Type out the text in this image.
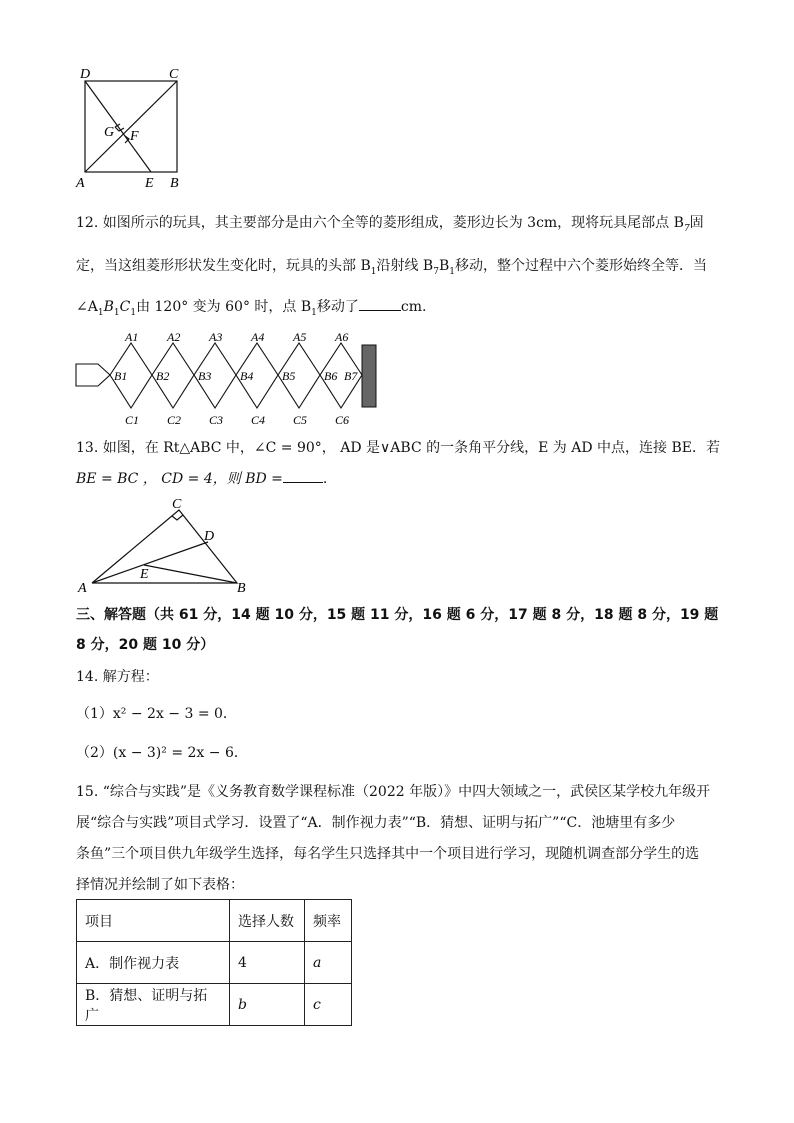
D	C
A	E B
G F
12. 如图所示的玩具，其主要部分是由六个全等的菱形组成，菱形边长为 3cm，现将玩具尾部点 $B_7$固
定，当这组菱形形状发生变化时，玩具的头部 $B_1$沿射线 $B_7B_1$移动，整个过程中六个菱形始终全等．当
$\angle A_1B_1C_1$由 120° 变为 60° 时，点 $B_1$移动了	cm.
A1 A2 A3 A4 A5 A6
C1 C2 C3 C4 C5 C6
B1 B2 B3 B4 B5 B6 B7
13. 如图，在 Rt△ABC 中，∠C = 90°， AD 是∨ABC 的一条角平分线，E 为 AD 中点，连接 BE．若
BE = BC ， CD = 4，则 BD =	.
C
D
E
A	B
三、解答题（共 61 分，14 题 10 分，15 题 11 分，16 题 6 分，17 题 8 分，18 题 8 分，19 题
8 分，20 题 10 分）
14. 解方程：
（1）x² − 2x − 3 = 0．
（2）(x − 3)² = 2x − 6．
15. “综合与实践”是《义务教育数学课程标准（2022 年版）》中四大领域之一，武侯区某学校九年级开
展“综合与实践”项目式学习．设置了“A．制作视力表”“B．猜想、证明与拓广”“C．池塘里有多少
条鱼”三个项目供九年级学生选择，每名学生只选择其中一个项目进行学习，现随机调查部分学生的选
择情况并绘制了如下表格：
项目	选择人数	频率
A．制作视力表	4	a
B．猜想、证明与拓广	b	c
